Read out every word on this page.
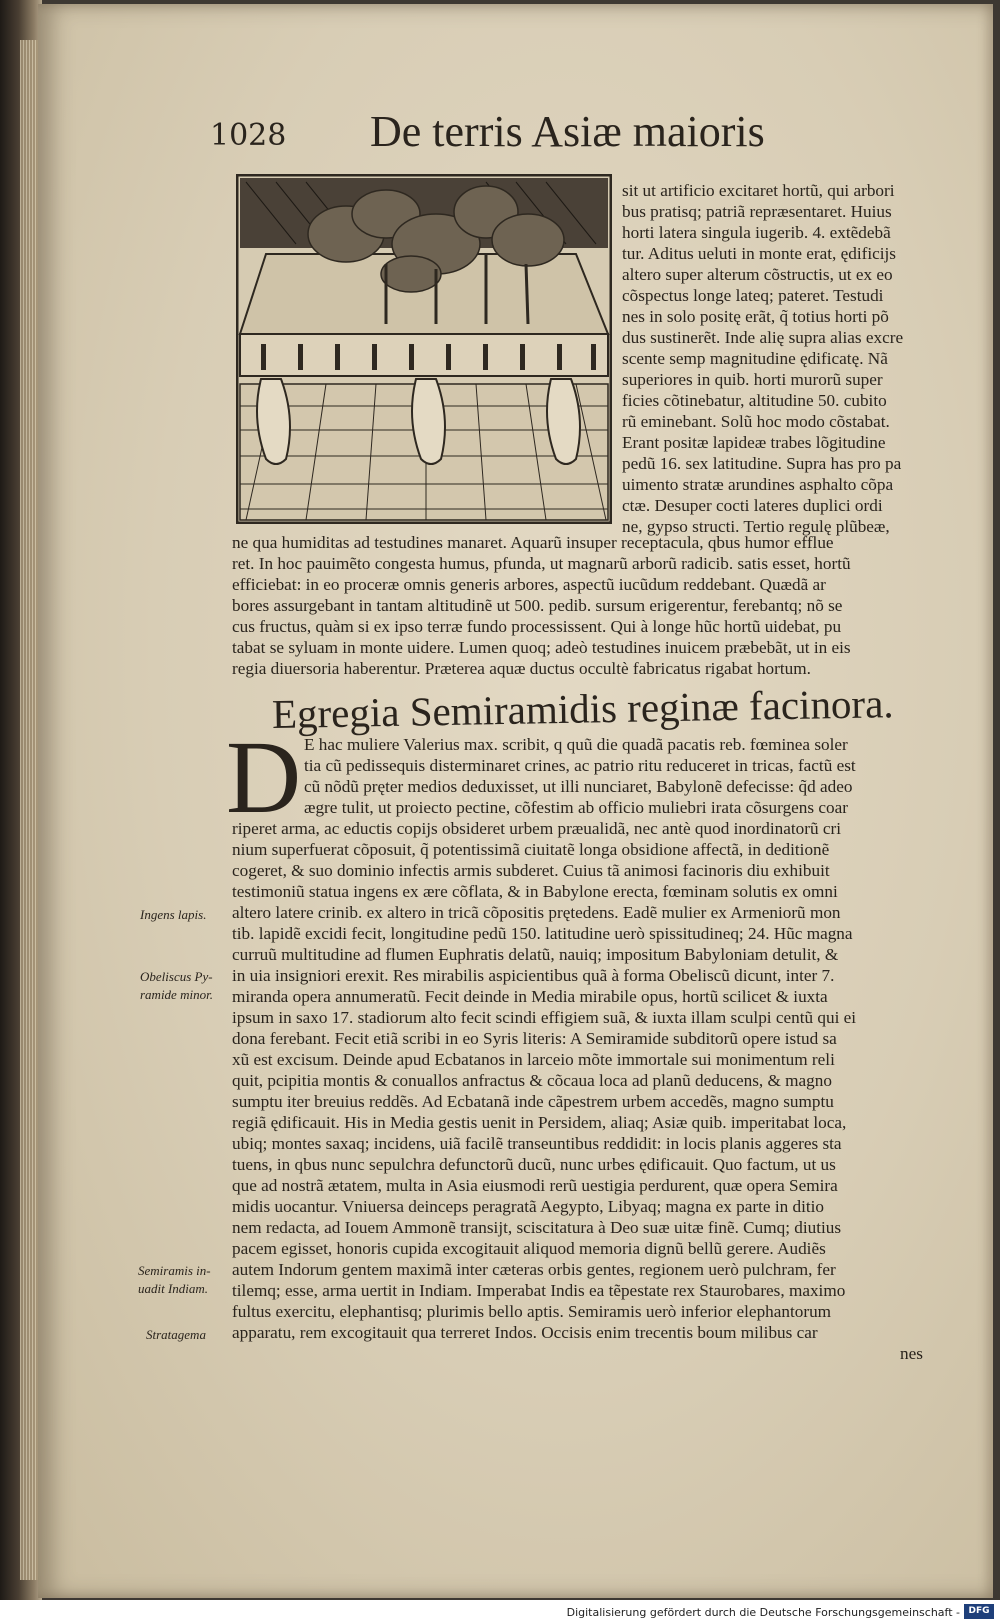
1028 De terris Asiæ maioris
sit ut artificio excitaret hortũ, qui arbori
bus pratisq; patriã repræsentaret. Huius
horti latera singula iugerib. 4. extẽdebã
tur. Aditus ueluti in monte erat, ędificijs
altero super alterum cõstructis, ut ex eo
cõspectus longe lateq; pateret. Testudi
nes in solo positę erãt, q̃ totius horti põ
dus sustinerẽt. Inde alię supra alias excre
scente semp magnitudine ędificatę. Nã
superiores in quib. horti murorũ super
ficies cõtinebatur, altitudine 50. cubito
rũ eminebant. Solũ hoc modo cõstabat.
Erant positæ lapideæ trabes lõgitudine
pedũ 16. sex latitudine. Supra has pro pa
uimento stratæ arundines asphalto cõpa
ctæ. Desuper cocti lateres duplici ordi
ne, gypso structi. Tertio regulę plũbeæ,
ne qua humiditas ad testudines manaret. Aquarũ insuper receptacula, qbus humor efflue
ret. In hoc pauimẽto congesta humus, pfunda, ut magnarũ arborũ radicib. satis esset, hortũ
efficiebat: in eo proceræ omnis generis arbores, aspectũ iucũdum reddebant. Quædã ar
bores assurgebant in tantam altitudinẽ ut 500. pedib. sursum erigerentur, ferebantq; nõ se
cus fructus, quàm si ex ipso terræ fundo processissent. Qui à longe hũc hortũ uidebat, pu
tabat se syluam in monte uidere. Lumen quoq; adeò testudines inuicem præbebãt, ut in eis
regia diuersoria haberentur. Præterea aquæ ductus occultè fabricatus rigabat hortum.
Egregia Semiramidis reginæ facinora.
D E hac muliere Valerius max. scribit, q quũ die quadã pacatis reb. fœminea soler
tia cũ pedissequis disterminaret crines, ac patrio ritu reduceret in tricas, factũ est
cũ nõdũ pręter medios deduxisset, ut illi nunciaret, Babylonẽ defecisse: q̃d adeo
ægre tulit, ut proiecto pectine, cõfestim ab officio muliebri irata cõsurgens coar
riperet arma, ac eductis copijs obsideret urbem præualidã, nec antè quod inordinatorũ cri
nium superfuerat cõposuit, q̃ potentissimã ciuitatẽ longa obsidione affectã, in deditionẽ
cogeret, & suo dominio infectis armis subderet. Cuius tã animosi facinoris diu exhibuit
testimoniũ statua ingens ex ære cõflata, & in Babylone erecta, fœminam solutis ex omni
altero latere crinib. ex altero in tricã cõpositis prętedens. Eadẽ mulier ex Armeniorũ mon
tib. lapidẽ excidi fecit, longitudine pedũ 150. latitudine uerò spissitudineq; 24. Hũc magna
curruũ multitudine ad flumen Euphratis delatũ, nauiq; impositum Babyloniam detulit, &
in uia insigniori erexit. Res mirabilis aspicientibus quã à forma Obeliscũ dicunt, inter 7.
miranda opera annumeratũ. Fecit deinde in Media mirabile opus, hortũ scilicet & iuxta
ipsum in saxo 17. stadiorum alto fecit scindi effigiem suã, & iuxta illam sculpi centũ qui ei
dona ferebant. Fecit etiã scribi in eo Syris literis: A Semiramide subditorũ opere istud sa
xũ est excisum. Deinde apud Ecbatanos in larceio mõte immortale sui monimentum reli
quit, pcipitia montis & conuallos anfractus & cõcaua loca ad planũ deducens, & magno
sumptu iter breuius reddẽs. Ad Ecbatanã inde cãpestrem urbem accedẽs, magno sumptu
regiã ędificauit. His in Media gestis uenit in Persidem, aliaq; Asiæ quib. imperitabat loca,
ubiq; montes saxaq; incidens, uiã facilẽ transeuntibus reddidit: in locis planis aggeres sta
tuens, in qbus nunc sepulchra defunctorũ ducũ, nunc urbes ędificauit. Quo factum, ut us
que ad nostrã ætatem, multa in Asia eiusmodi rerũ uestigia perdurent, quæ opera Semira
midis uocantur. Vniuersa deinceps peragratã Aegypto, Libyaq; magna ex parte in ditio
nem redacta, ad Iouem Ammonẽ transijt, sciscitatura à Deo suæ uitæ finẽ. Cumq; diutius
pacem egisset, honoris cupida excogitauit aliquod memoria dignũ bellũ gerere. Audiẽs
autem Indorum gentem maximã inter cæteras orbis gentes, regionem uerò pulchram, fer
tilemq; esse, arma uertit in Indiam. Imperabat Indis ea tẽpestate rex Staurobares, maximo
fultus exercitu, elephantisq; plurimis bello aptis. Semiramis uerò inferior elephantorum
apparatu, rem excogitauit qua terreret Indos. Occisis enim trecentis boum milibus car
nes
Ingens lapis.
Obeliscus Py-
ramide minor.
Semiramis in-
uadit Indiam.
Stratagema
Digitalisierung gefördert durch die Deutsche Forschungsgemeinschaft - DFG
